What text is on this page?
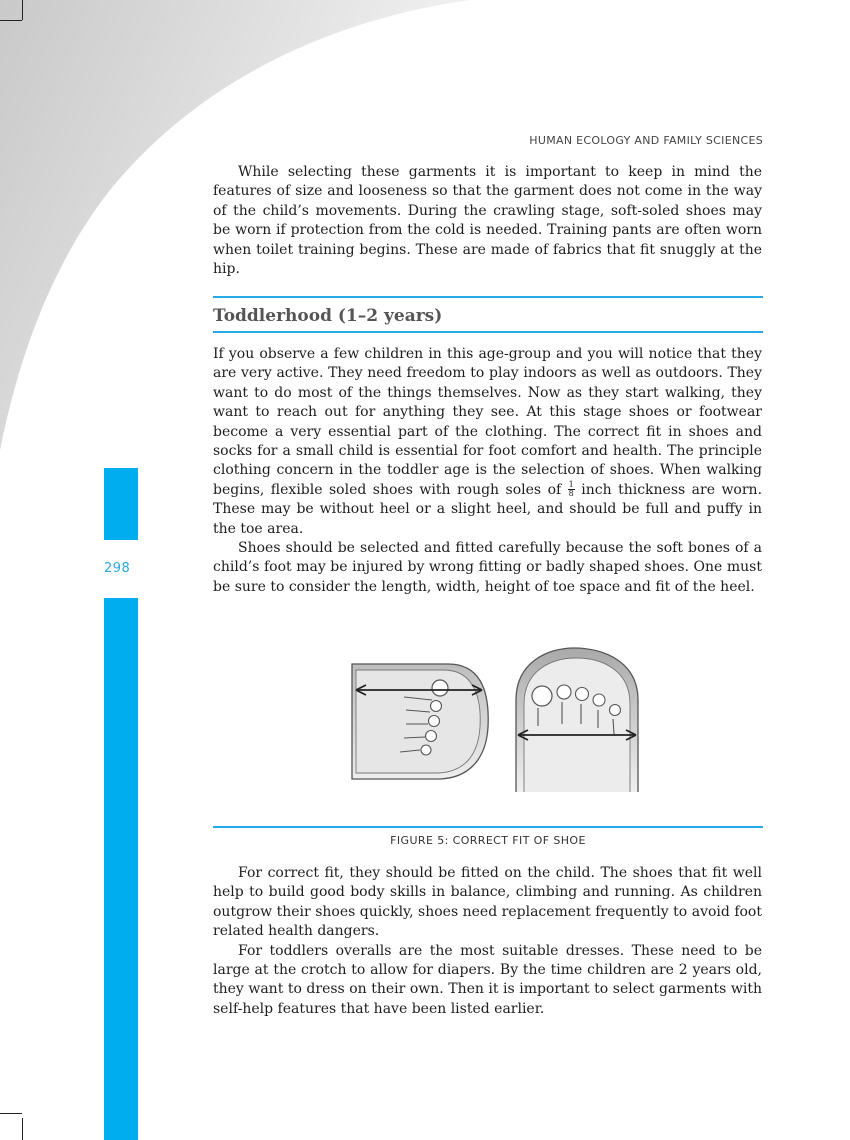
HUMAN ECOLOGY AND FAMILY SCIENCES

While selecting these garments it is important to keep in mind the features of size and looseness so that the garment does not come in the way of the child’s movements. During the crawling stage, soft-soled shoes may be worn if protection from the cold is needed. Training pants are often worn when toilet training begins. These are made of fabrics that fit snuggly at the hip.

Toddlerhood (1–2 years)

If you observe a few children in this age-group and you will notice that they are very active. They need freedom to play indoors as well as outdoors. They want to do most of the things themselves. Now as they start walking, they want to reach out for anything they see. At this stage shoes or footwear become a very essential part of the clothing. The correct fit in shoes and socks for a small child is essential for foot comfort and health. The principle clothing concern in the toddler age is the selection of shoes. When walking begins, flexible soled shoes with rough soles of $\frac{1}{8}$ inch thickness are worn. These may be without heel or a slight heel, and should be full and puffy in the toe area.

Shoes should be selected and fitted carefully because the soft bones of a child’s foot may be injured by wrong fitting or badly shaped shoes. One must be sure to consider the length, width, height of toe space and fit of the heel.

298
FIGURE 5: CORRECT FIT OF SHOE

For correct fit, they should be fitted on the child. The shoes that fit well help to build good body skills in balance, climbing and running. As children outgrow their shoes quickly, shoes need replacement frequently to avoid foot related health dangers.

For toddlers overalls are the most suitable dresses. These need to be large at the crotch to allow for diapers. By the time children are 2 years old, they want to dress on their own. Then it is important to select garments with self-help features that have been listed earlier.
